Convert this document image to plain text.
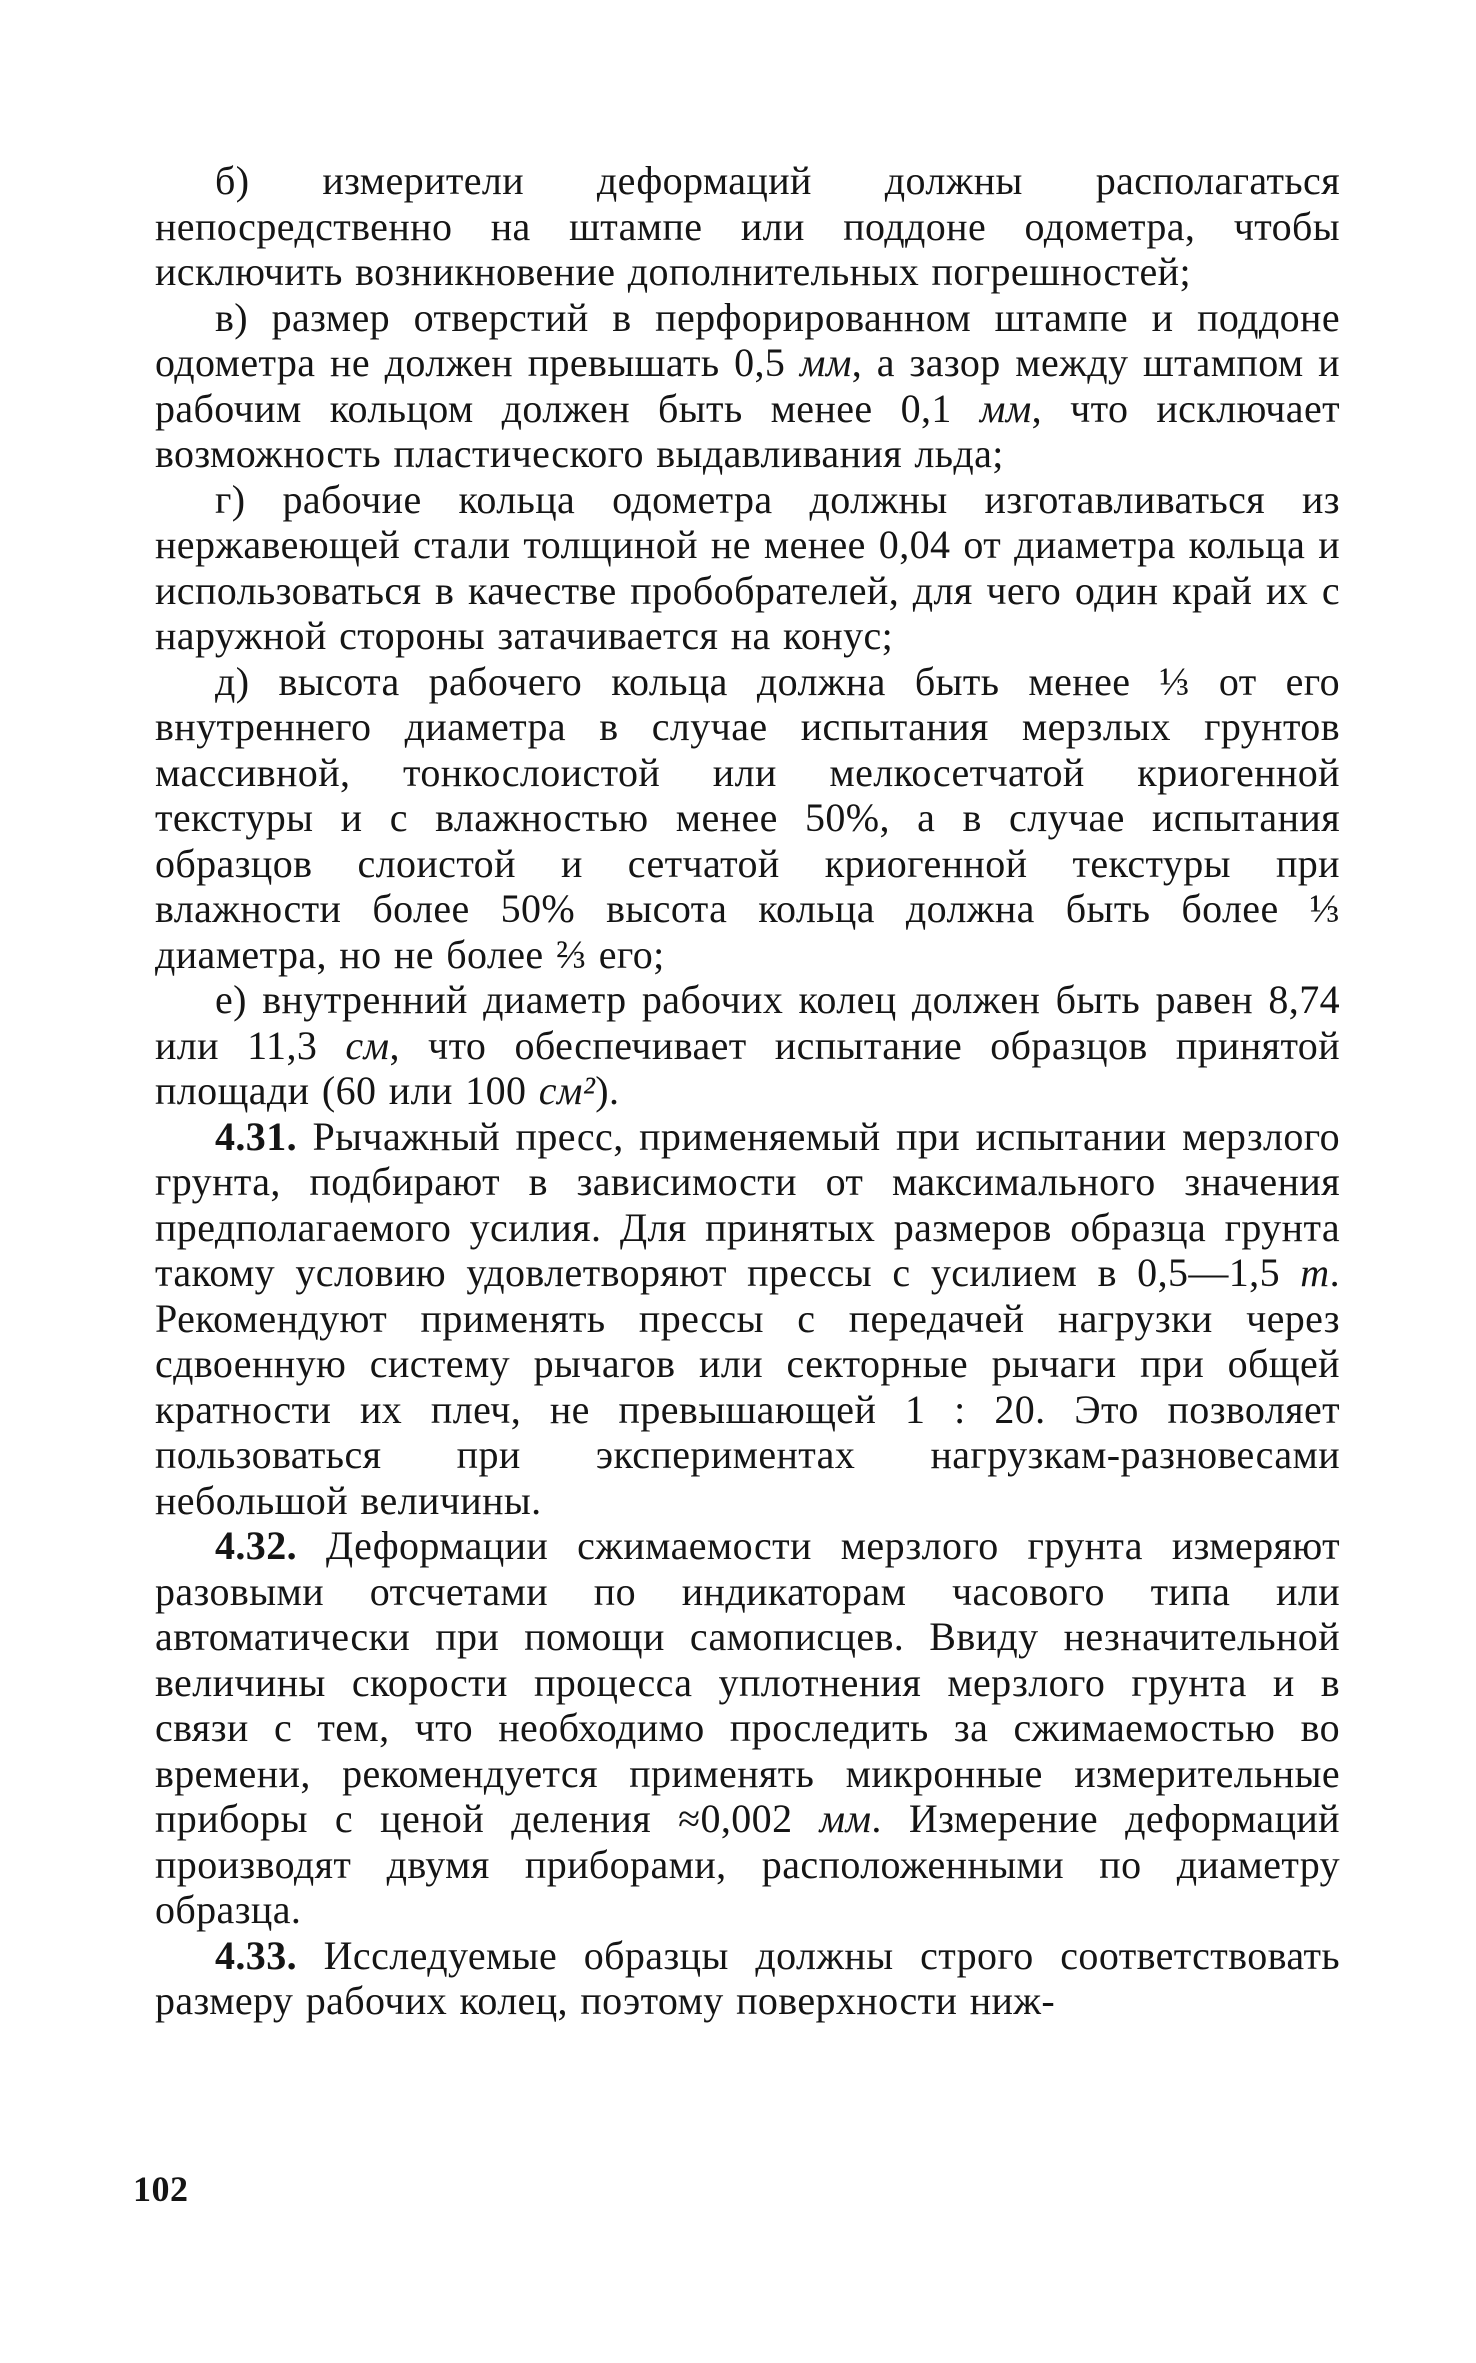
б) измерители деформаций должны располагаться непосредственно на штампе или поддоне одометра, чтобы исключить возникновение дополнительных погрешностей;

в) размер отверстий в перфорированном штампе и поддоне одометра не должен превышать 0,5 мм, а зазор между штампом и рабочим кольцом должен быть менее 0,1 мм, что исключает возможность пластического выдавливания льда;

г) рабочие кольца одометра должны изготавливаться из нержавеющей стали толщиной не менее 0,04 от диаметра кольца и использоваться в качестве пробобрателей, для чего один край их с наружной стороны затачивается на конус;

д) высота рабочего кольца должна быть менее ⅓ от его внутреннего диаметра в случае испытания мерзлых грунтов массивной, тонкослоистой или мелкосетчатой криогенной текстуры и с влажностью менее 50%, а в случае испытания образцов слоистой и сетчатой криогенной текстуры при влажности более 50% высота кольца должна быть более ⅓ диаметра, но не более ⅔ его;

е) внутренний диаметр рабочих колец должен быть равен 8,74 или 11,3 см, что обеспечивает испытание образцов принятой площади (60 или 100 см²).

4.31. Рычажный пресс, применяемый при испытании мерзлого грунта, подбирают в зависимости от максимального значения предполагаемого усилия. Для принятых размеров образца грунта такому условию удовлетворяют прессы с усилием в 0,5—1,5 т. Рекомендуют применять прессы с передачей нагрузки через сдвоенную систему рычагов или секторные рычаги при общей кратности их плеч, не превышающей 1 : 20. Это позволяет пользоваться при экспериментах нагрузкам-разновесами небольшой величины.

4.32. Деформации сжимаемости мерзлого грунта измеряют разовыми отсчетами по индикаторам часового типа или автоматически при помощи самописцев. Ввиду незначительной величины скорости процесса уплотнения мерзлого грунта и в связи с тем, что необходимо проследить за сжимаемостью во времени, рекомендуется применять микронные измерительные приборы с ценой деления ≈0,002 мм. Измерение деформаций производят двумя приборами, расположенными по диаметру образца.

4.33. Исследуемые образцы должны строго соответствовать размеру рабочих колец, поэтому поверхности ниж-

102
